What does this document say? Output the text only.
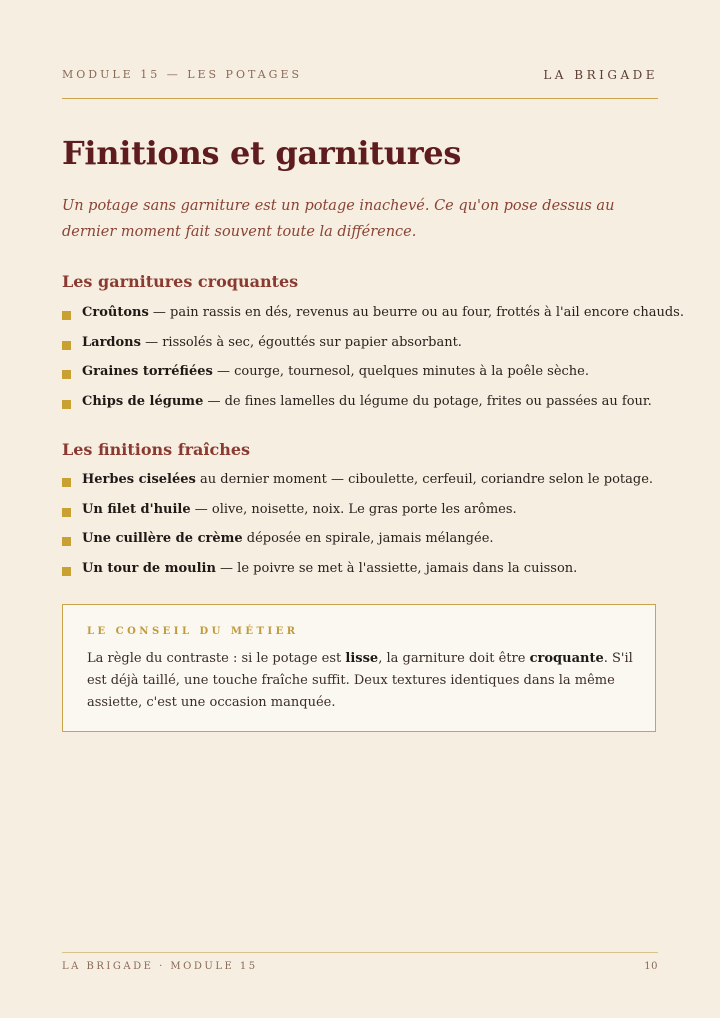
MODULE 15 — LES POTAGES	LA BRIGADE
Finitions et garnitures

Un potage sans garniture est un potage inachevé. Ce qu'on pose dessus au dernier moment fait souvent toute la différence.

Les garnitures croquantes
Croûtons — pain rassis en dés, revenus au beurre ou au four, frottés à l'ail encore chauds.
Lardons — rissolés à sec, égouttés sur papier absorbant.
Graines torréfiées — courge, tournesol, quelques minutes à la poêle sèche.
Chips de légume — de fines lamelles du légume du potage, frites ou passées au four.
Les finitions fraîches
Herbes ciselées au dernier moment — ciboulette, cerfeuil, coriandre selon le potage.
Un filet d'huile — olive, noisette, noix. Le gras porte les arômes.
Une cuillère de crème déposée en spirale, jamais mélangée.
Un tour de moulin — le poivre se met à l'assiette, jamais dans la cuisson.
LE CONSEIL DU MÉTIER
La règle du contraste : si le potage est lisse, la garniture doit être croquante. S'il est déjà taillé, une touche fraîche suffit. Deux textures identiques dans la même assiette, c'est une occasion manquée.
LA BRIGADE · MODULE 15	10
